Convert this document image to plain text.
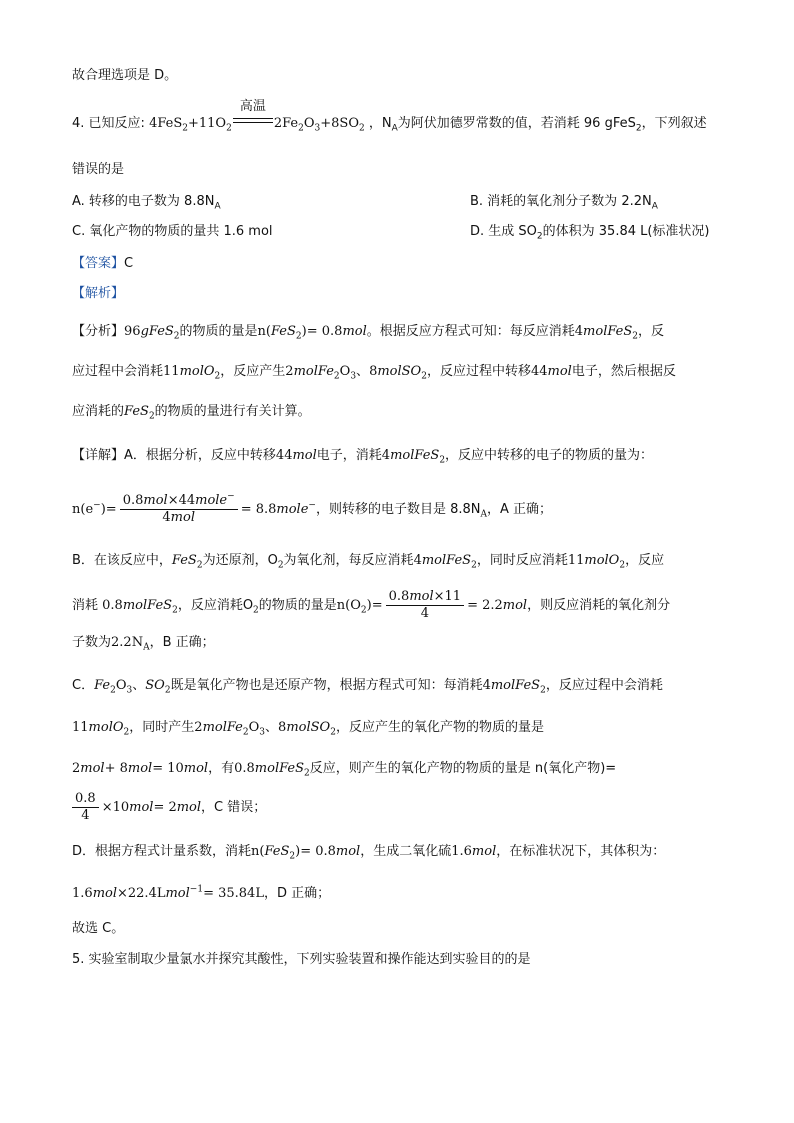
故合理选项是 D。
4. 已知反应: $4FeS_2+11O_2$
高温
$2Fe_2O_3+8SO_2$ ，$N_A$为阿伏加德罗常数的值，若消耗 96 gFeS$_2$，下列叙述
错误的是
A. 转移的电子数为 $8.8N_A$	B. 消耗的氧化剂分子数为 $2.2N_A$
C. 氧化产物的物质的量共 1.6 mol	D. 生成 $SO_2$的体积为 35.84 L(标准状况)
【答案】C
【解析】
【分析】96gFeS$_2$的物质的量是n(FeS$_2$)= 0.8mol。根据反应方程式可知：每反应消耗4molFeS$_2$，反
应过程中会消耗11molO$_2$，反应产生$2molFe_2O_3$、8molSO$_2$，反应过程中转移44mol电子，然后根据反
应消耗的FeS$_2$的物质的量进行有关计算。
【详解】A．根据分析，反应中转移44mol电子，消耗4molFeS$_2$，反应中转移的电子的物质的量为：
$n(e^-)= \frac{0.8mol\times 44mole^-}{\text{4mol}}$ = 8.8mole−，则转移的电子数目是 $8.8N_A$，A 正确；
B．在该反应中，FeS$_2$为还原剂，$O_2$为氧化剂，每反应消耗4molFeS$_2$，同时反应消耗11molO$_2$，反应
消耗 0.8molFeS$_2$，反应消耗$O_2$的物质的量是$n(O_2)= \frac{\text{0.8mol×11}}{4} = 2.2mol$，则反应消耗的氧化剂分
子数为$2.2N_A$，B 正确；
C．$Fe_2O_3$、$SO_2$既是氧化产物也是还原产物，根据方程式可知：每消耗4molFeS$_2$，反应过程中会消耗
11molO$_2$，同时产生$2molFe_2O_3$、8molSO$_2$，反应产生的氧化产物的物质的量是
2mol+ 8mol= 10mol，有0.8molFeS$_2$反应，则产生的氧化产物的物质的量是 n(氧化产物)=
$\frac{0.8}{4} \times 10mol= 2mol$，C 错误；
D．根据方程式计量系数，消耗n(FeS$_2$)= 0.8mol，生成二氧化硫1.6mol，在标准状况下，其体积为：
1.6mol×22.4Lmol$^{-1}$= 35.84L，D 正确；
故选 C。
5. 实验室制取少量氯水并探究其酸性，下列实验装置和操作能达到实验目的的是
